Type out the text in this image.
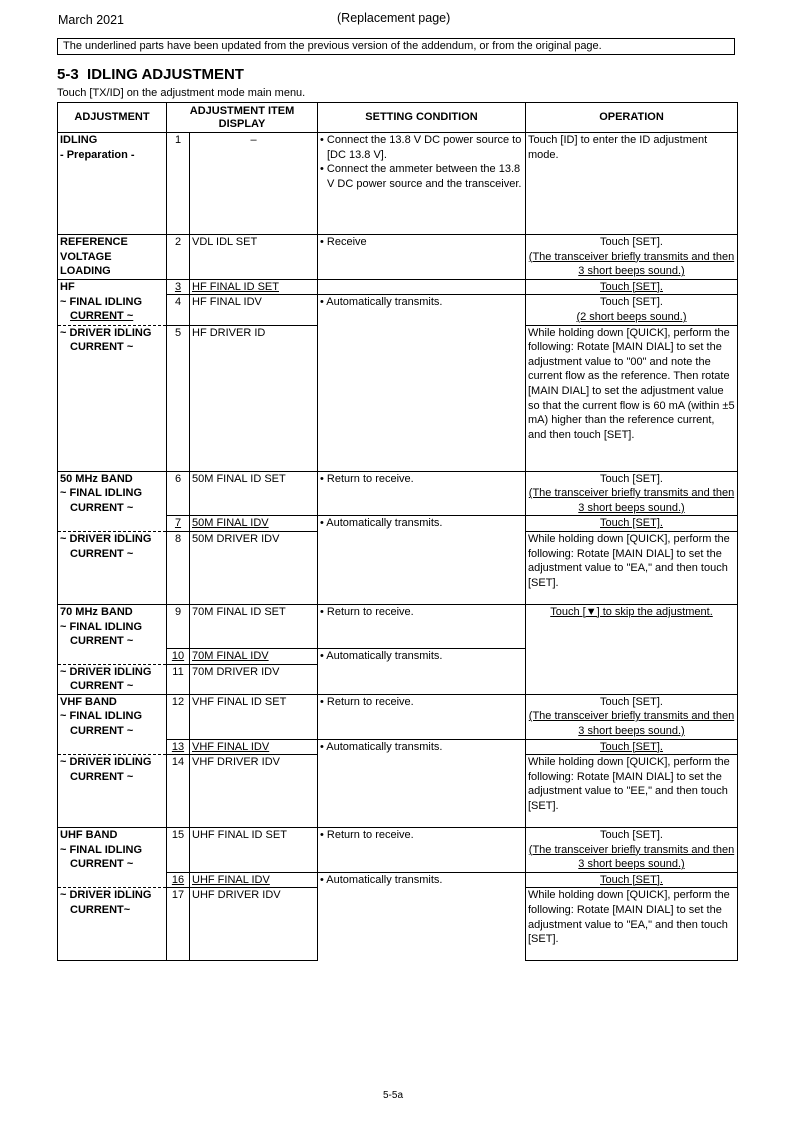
March 2021	(Replacement page)
The underlined parts have been updated from the previous version of the addendum, or from the original page.
5-3 IDLING ADJUSTMENT
Touch [TX/ID] on the adjustment mode main menu.
ADJUSTMENT	ADJUSTMENT ITEM
DISPLAY		SETTING CONDITION	OPERATION
IDLING
- Preparation -	1	–	• Connect the 13.8 V DC power source to [DC 13.8 V].
• Connect the ammeter between the 13.8 V DC power source and the transceiver.	Touch [ID] to enter the ID adjustment mode.
REFERENCE
VOLTAGE
LOADING	2	VDL IDL SET	• Receive	Touch [SET].
(The transceiver briefly transmits and then 3 short beeps sound.)
HF	3	HF FINAL ID SET		Touch [SET].
~ FINAL IDLING
CURRENT ~	4	HF FINAL IDV	• Automatically transmits.	Touch [SET].
(2 short beeps sound.)
~ DRIVER IDLING
CURRENT ~	5	HF DRIVER ID		While holding down [QUICK], perform the following: Rotate [MAIN DIAL] to set the adjustment value to "00" and note the current flow as the reference. Then rotate [MAIN DIAL] to set the adjustment value so that the current flow is 60 mA (within ±5 mA) higher than the reference current, and then touch [SET].
50 MHz BAND
~ FINAL IDLING
CURRENT ~	6	50M FINAL ID SET	• Return to receive.	Touch [SET].
(The transceiver briefly transmits and then 3 short beeps sound.)
	7	50M FINAL IDV	• Automatically transmits.	Touch [SET].
~ DRIVER IDLING
CURRENT ~	8	50M DRIVER IDV		While holding down [QUICK], perform the following: Rotate [MAIN DIAL] to set the adjustment value to "EA," and then touch [SET].
70 MHz BAND
~ FINAL IDLING
CURRENT ~	9	70M FINAL ID SET	• Return to receive.	Touch [▼] to skip the adjustment.
	10	70M FINAL IDV	• Automatically transmits.	
~ DRIVER IDLING
CURRENT ~	11	70M DRIVER IDV		
VHF BAND
~ FINAL IDLING
CURRENT ~	12	VHF FINAL ID SET	• Return to receive.	Touch [SET].
(The transceiver briefly transmits and then 3 short beeps sound.)
	13	VHF FINAL IDV	• Automatically transmits.	Touch [SET].
~ DRIVER IDLING
CURRENT ~	14	VHF DRIVER IDV		While holding down [QUICK], perform the following: Rotate [MAIN DIAL] to set the adjustment value to "EE," and then touch [SET].
UHF BAND
~ FINAL IDLING
CURRENT ~	15	UHF FINAL ID SET	• Return to receive.	Touch [SET].
(The transceiver briefly transmits and then 3 short beeps sound.)
	16	UHF FINAL IDV	• Automatically transmits.	Touch [SET].
~ DRIVER IDLING
CURRENT~	17	UHF DRIVER IDV		While holding down [QUICK], perform the following: Rotate [MAIN DIAL] to set the adjustment value to "EA," and then touch [SET].
5-5a
